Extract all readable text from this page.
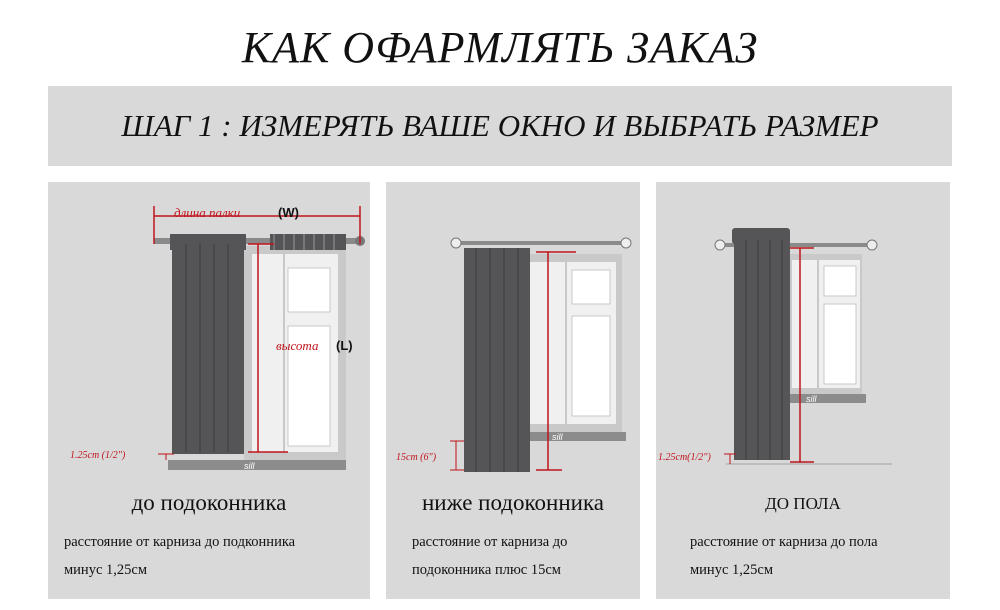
КАК ОФАРМЛЯТЬ ЗАКАЗ
ШАГ 1 : ИЗМЕРЯТЬ ВАШЕ ОКНО И ВЫБРАТЬ РАЗМЕР
sill
длина палки	(W)
высота (L)
1.25cm (1/2")
до подоконника
расстояние от карниза до подконника
минус 1,25см
sill
15cm (6")
ниже подоконника
расстояние от карниза до
подоконника плюс 15см
sill
1.25cm(1/2")
ДО ПОЛА
расстояние от карниза до пола
минус 1,25см
